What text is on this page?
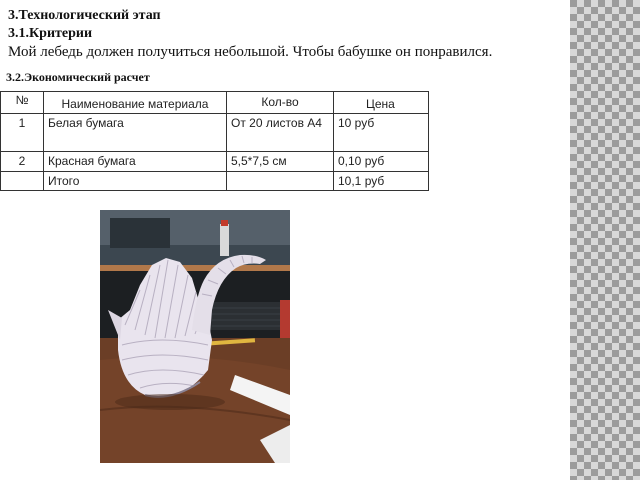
3.Технологический этап
3.1.Критерии
Мой лебедь должен получиться небольшой. Чтобы бабушке он понравился.
3.2.Экономический расчет
№	Наименование материала	Кол-во	Цена

1	Белая бумага	От 20 листов А4	10 руб
2	Красная бумага	5,5*7,5 см	0,10 руб
	Итого		10,1 руб
